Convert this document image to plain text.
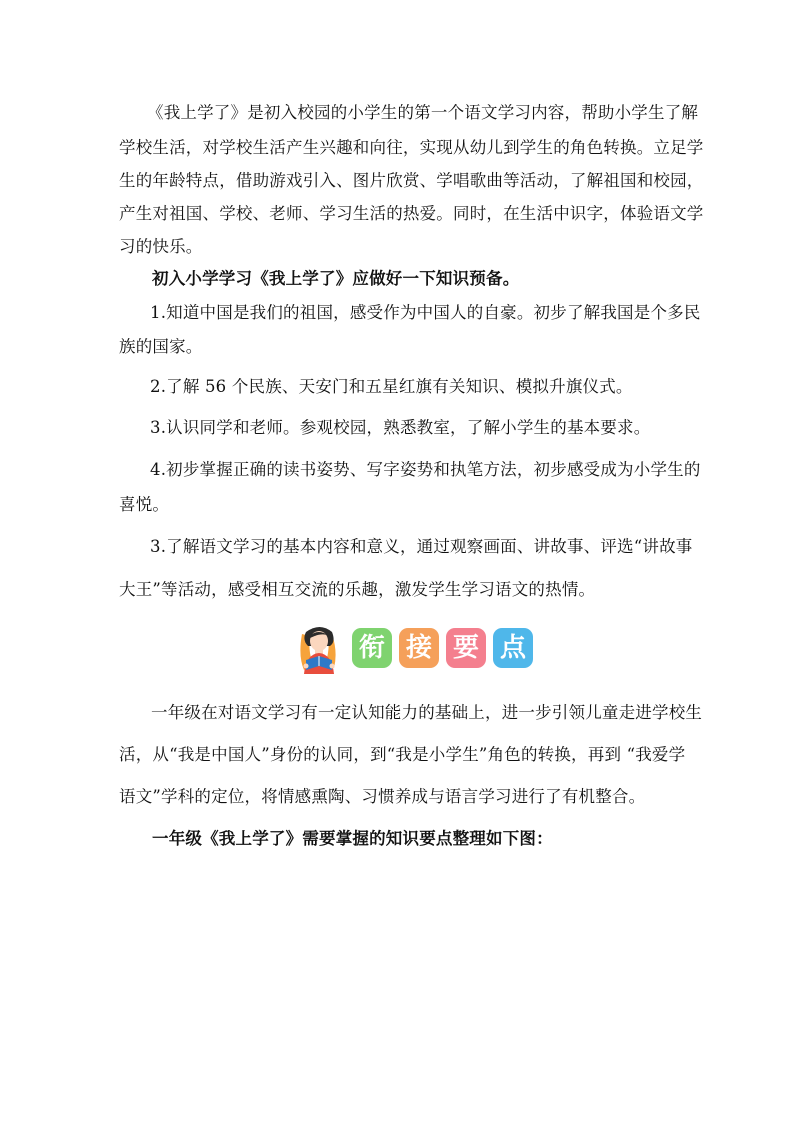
《我上学了》是初入校园的小学生的第一个语文学习内容，帮助小学生了解
学校生活，对学校生活产生兴趣和向往，实现从幼儿到学生的角色转换。立足学
生的年龄特点，借助游戏引入、图片欣赏、学唱歌曲等活动，了解祖国和校园，
产生对祖国、学校、老师、学习生活的热爱。同时，在生活中识字，体验语文学
习的快乐。
初入小学学习《我上学了》应做好一下知识预备。
1.知道中国是我们的祖国，感受作为中国人的自豪。初步了解我国是个多民
族的国家。
2.了解 56 个民族、天安门和五星红旗有关知识、模拟升旗仪式。
3.认识同学和老师。参观校园，熟悉教室，了解小学生的基本要求。
4.初步掌握正确的读书姿势、写字姿势和执笔方法，初步感受成为小学生的
喜悦。
3.了解语文学习的基本内容和意义，通过观察画面、讲故事、评选“讲故事
大王”等活动，感受相互交流的乐趣，激发学生学习语文的热情。
衔 接 要 点
一年级在对语文学习有一定认知能力的基础上，进一步引领儿童走进学校生
活，从“我是中国人”身份的认同，到“我是小学生”角色的转换，再到 “我爱学
语文”学科的定位，将情感熏陶、习惯养成与语言学习进行了有机整合。
一年级《我上学了》需要掌握的知识要点整理如下图：
